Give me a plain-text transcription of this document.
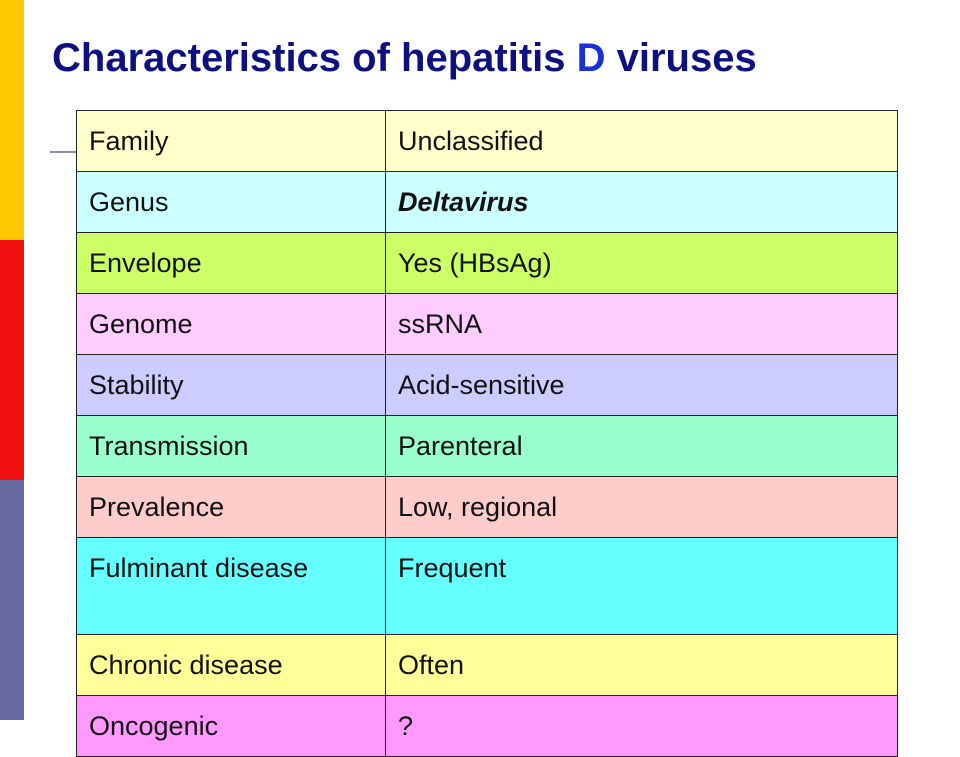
Characteristics of hepatitis D viruses
Family	Unclassified
Genus	Deltavirus
Envelope	Yes (HBsAg)
Genome	ssRNA
Stability	Acid-sensitive
Transmission	Parenteral
Prevalence	Low, regional
Fulminant disease	Frequent
Chronic disease	Often
Oncogenic	?
